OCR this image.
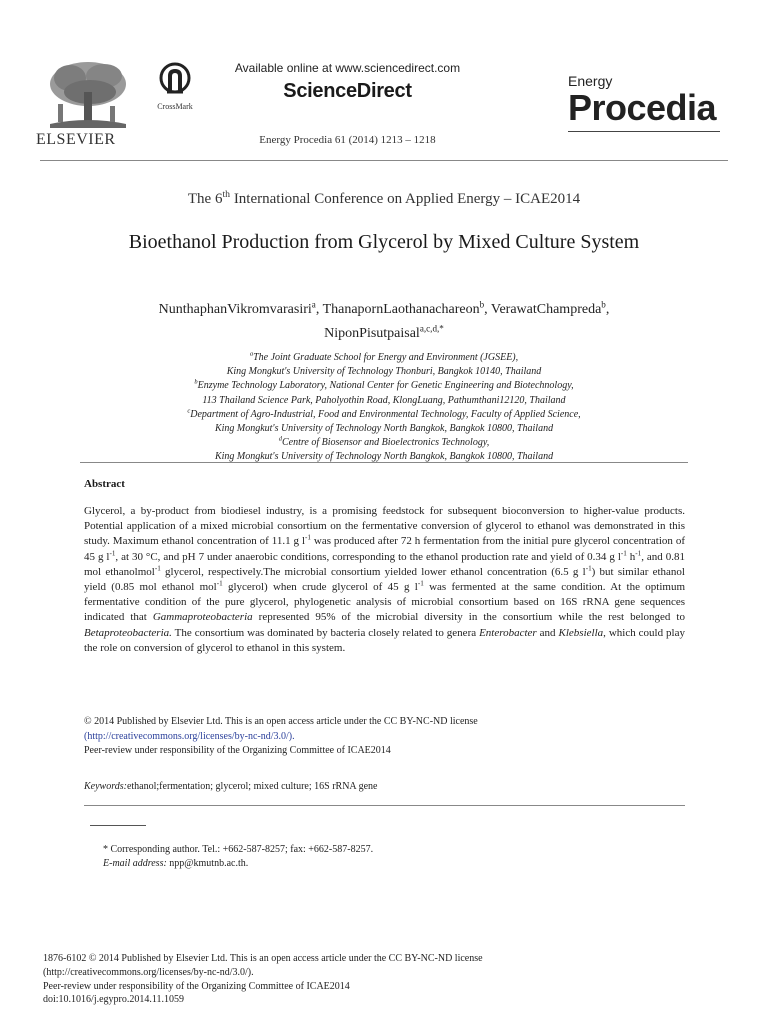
ELSEVIER
CrossMark
Available online at www.sciencedirect.com
ScienceDirect
Energy Procedia 61 (2014) 1213 – 1218
Energy
Procedia
The 6th International Conference on Applied Energy – ICAE2014
Bioethanol Production from Glycerol by Mixed Culture System
NunthaphanVikromvarasiri$^a$, ThanapornLaothanachareon$^b$, VerawatChampreda$^b$,
NiponPisutpaisal$^{a,c,d,*}$
$^a$The Joint Graduate School for Energy and Environment (JGSEE),
King Mongkut's University of Technology Thonburi, Bangkok 10140, Thailand
$^b$Enzyme Technology Laboratory, National Center for Genetic Engineering and Biotechnology,
113 Thailand Science Park, Paholyothin Road, KlongLuang, Pathumthani12120, Thailand
$^c$Department of Agro-Industrial, Food and Environmental Technology, Faculty of Applied Science,
King Mongkut's University of Technology North Bangkok, Bangkok 10800, Thailand
$^d$Centre of Biosensor and Bioelectronics Technology,
King Mongkut's University of Technology North Bangkok, Bangkok 10800, Thailand
Abstract
Glycerol, a by-product from biodiesel industry, is a promising feedstock for subsequent bioconversion to higher-value products. Potential application of a mixed microbial consortium on the fermentative conversion of glycerol to ethanol was demonstrated in this study. Maximum ethanol concentration of 11.1 g $l^{-1}$ was produced after 72 h fermentation from the initial pure glycerol concentration of 45 g $l^{-1}$, at 30 °C, and pH 7 under anaerobic conditions, corresponding to the ethanol production rate and yield of 0.34 g $l^{-1}$ $h^{-1}$, and 0.81 mol ethanolmol$^{-1}$ glycerol, respectively.The microbial consortium yielded lower ethanol concentration (6.5 g $l^{-1}$) but similar ethanol yield (0.85 mol ethanol mol$^{-1}$ glycerol) when crude glycerol of 45 g $l^{-1}$ was fermented at the same condition. At the optimum fermentative condition of the pure glycerol, phylogenetic analysis of microbial consortium based on 16S rRNA gene sequences indicated that Gammaproteobacteria represented 95% of the microbial diversity in the consortium while the rest belonged to Betaproteobacteria. The consortium was dominated by bacteria closely related to genera Enterobacter and Klebsiella, which could play the role on conversion of glycerol to ethanol in this system.
© 2014 Published by Elsevier Ltd. This is an open access article under the CC BY-NC-ND license
(http://creativecommons.org/licenses/by-nc-nd/3.0/).
Peer-review under responsibility of the Organizing Committee of ICAE2014
Keywords:ethanol;fermentation; glycerol; mixed culture; 16S rRNA gene
* Corresponding author. Tel.: +662-587-8257; fax: +662-587-8257.
E-mail address: npp@kmutnb.ac.th.
1876-6102 © 2014 Published by Elsevier Ltd. This is an open access article under the CC BY-NC-ND license
(http://creativecommons.org/licenses/by-nc-nd/3.0/).
Peer-review under responsibility of the Organizing Committee of ICAE2014
doi:10.1016/j.egypro.2014.11.1059
